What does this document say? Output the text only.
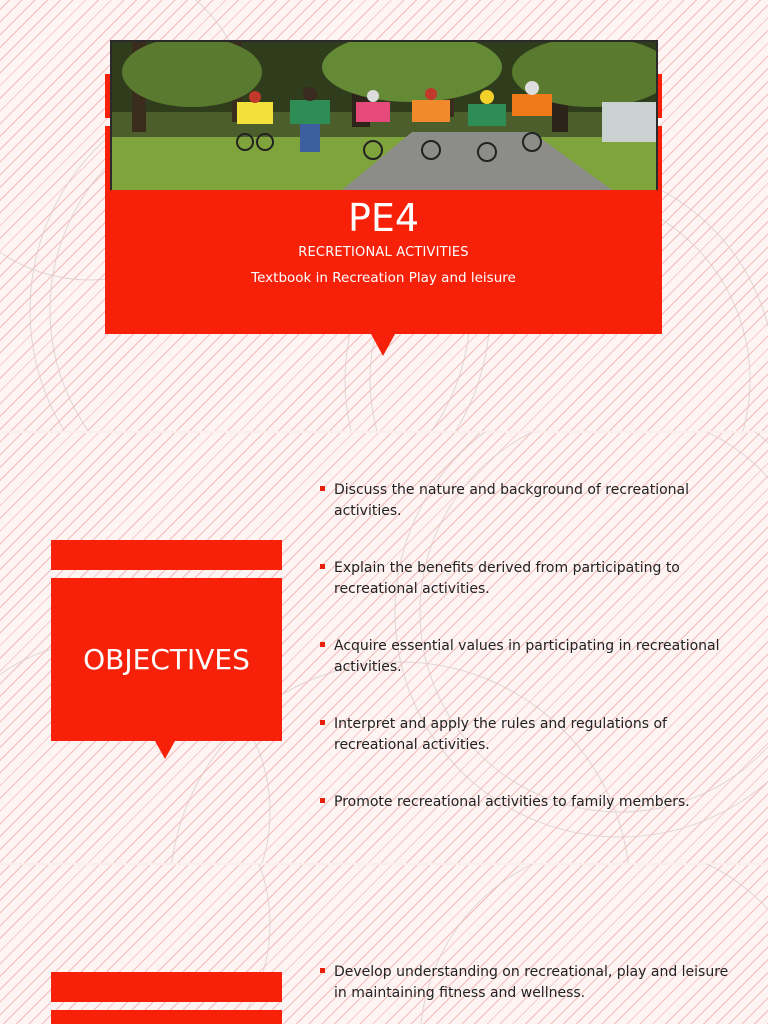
PE4
RECRETIONAL ACTIVITIES
Textbook in Recreation Play and leisure
OBJECTIVES
Discuss the nature and background of recreational activities.
Explain the benefits derived from participating to recreational activities.
Acquire essential values in participating in recreational activities.
Interpret and apply the rules and regulations of recreational activities.
Promote recreational activities to family members.
Develop understanding on recreational, play and leisure in maintaining fitness and wellness.
